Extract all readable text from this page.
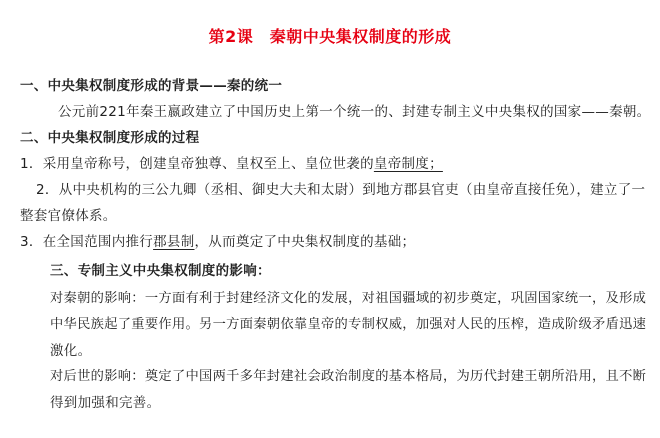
第2课　秦朝中央集权制度的形成
一、中央集权制度形成的背景——秦的统一
公元前221年秦王嬴政建立了中国历史上第一个统一的、封建专制主义中央集权的国家——秦朝。
二、中央集权制度形成的过程
1．采用皇帝称号，创建皇帝独尊、皇权至上、皇位世袭的皇帝制度；
2．从中央机构的三公九卿（丞相、御史大夫和太尉）到地方郡县官吏（由皇帝直接任免），建立了一
整套官僚体系。
3．在全国范围内推行郡县制，从而奠定了中央集权制度的基础；
三、专制主义中央集权制度的影响：
对秦朝的影响：一方面有利于封建经济文化的发展，对祖国疆域的初步奠定，巩固国家统一，及形成
中华民族起了重要作用。另一方面秦朝依靠皇帝的专制权威，加强对人民的压榨，造成阶级矛盾迅速
激化。
对后世的影响：奠定了中国两千多年封建社会政治制度的基本格局，为历代封建王朝所沿用，且不断
得到加强和完善。
